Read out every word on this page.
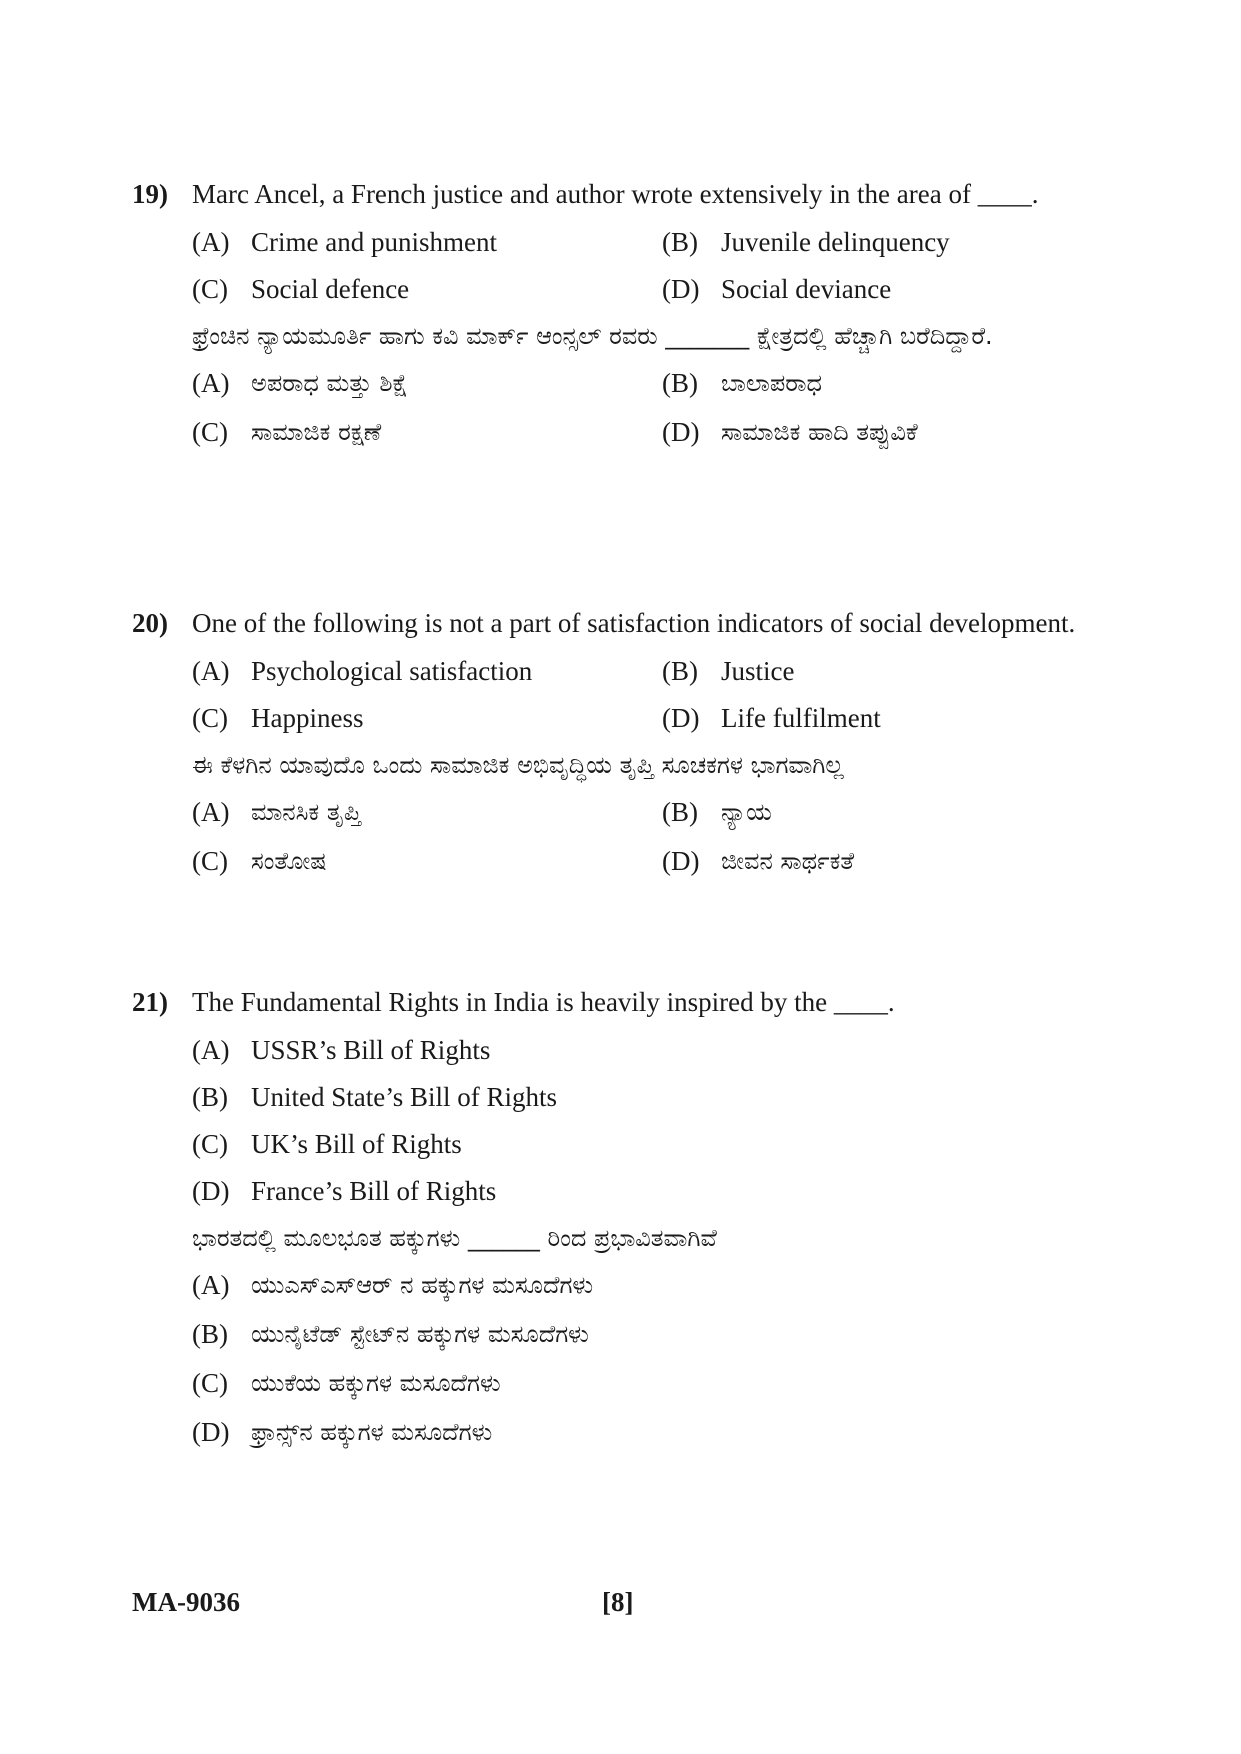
19) Marc Ancel, a French justice and author wrote extensively in the area of ____.
(A) Crime and punishment	(B) Juvenile delinquency
(C) Social defence	(D) Social deviance
ಫ್ರೆಂಚಿನ ನ್ಯಾಯಮೂರ್ತಿ ಹಾಗು ಕವಿ ಮಾರ್ಕ್ ಆಂನ್ಸಲ್ ರವರು _______ ಕ್ಷೇತ್ರದಲ್ಲಿ ಹೆಚ್ಚಾಗಿ ಬರೆದಿದ್ದಾರೆ.
(A) ಅಪರಾಧ ಮತ್ತು ಶಿಕ್ಷೆ	(B) ಬಾಲಾಪರಾಧ
(C) ಸಾಮಾಜಿಕ ರಕ್ಷಣೆ	(D) ಸಾಮಾಜಿಕ ಹಾದಿ ತಪ್ಪುವಿಕೆ
20) One of the following is not a part of satisfaction indicators of social development.
(A) Psychological satisfaction	(B) Justice
(C) Happiness	(D) Life fulfilment
ಈ ಕೆಳಗಿನ ಯಾವುದೊ ಒಂದು ಸಾಮಾಜಿಕ ಅಭಿವೃದ್ಧಿಯ ತೃಪ್ತಿ ಸೂಚಕಗಳ ಭಾಗವಾಗಿಲ್ಲ
(A) ಮಾನಸಿಕ ತೃಪ್ತಿ	(B) ನ್ಯಾಯ
(C) ಸಂತೋಷ	(D) ಜೀವನ ಸಾರ್ಥಕತೆ
21) The Fundamental Rights in India is heavily inspired by the ____.
(A) USSR’s Bill of Rights
(B) United State’s Bill of Rights
(C) UK’s Bill of Rights
(D) France’s Bill of Rights
ಭಾರತದಲ್ಲಿ ಮೂಲಭೂತ ಹಕ್ಕುಗಳು ______ ರಿಂದ ಪ್ರಭಾವಿತವಾಗಿವೆ
(A) ಯುಎಸ್ಎಸ್ಆರ್ ನ ಹಕ್ಕುಗಳ ಮಸೂದೆಗಳು
(B) ಯುನೈಟೆಡ್ ಸ್ಟೇಟ್‌ನ ಹಕ್ಕುಗಳ ಮಸೂದೆಗಳು
(C) ಯುಕೆಯ ಹಕ್ಕುಗಳ ಮಸೂದೆಗಳು
(D) ಫ್ರಾನ್ಸ್‌ನ ಹಕ್ಕುಗಳ ಮಸೂದೆಗಳು
MA-9036	[8]
